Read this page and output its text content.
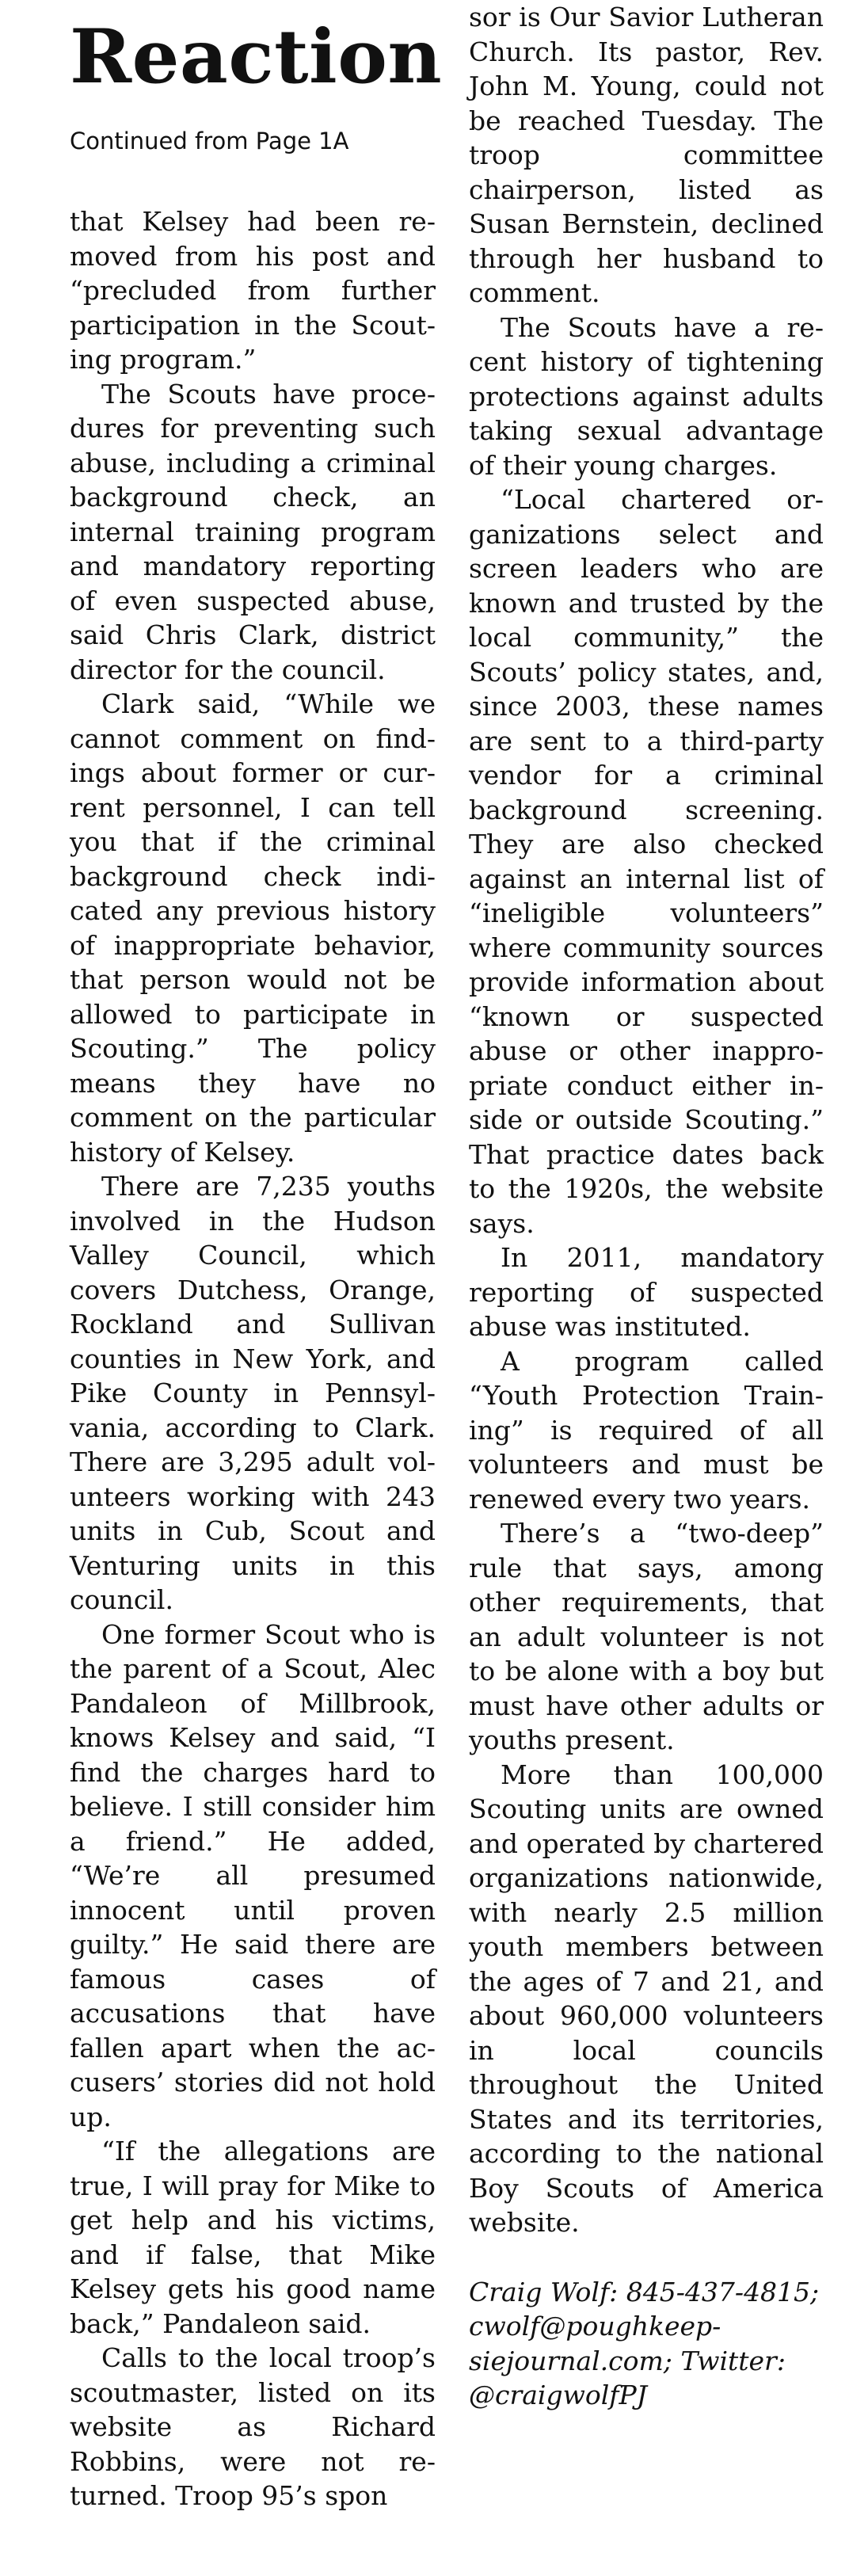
Reaction
Continued from Page 1A

that Kelsey had been removed from his post and “precluded from further participation in the Scouting program.”

The Scouts have procedures for preventing such abuse, including a criminal background check, an internal training program and mandatory reporting of even suspected abuse, said Chris Clark, district director for the council.

Clark said, “While we cannot comment on findings about former or current personnel, I can tell you that if the criminal background check indicated any previous history of inappropriate behavior, that person would not be allowed to participate in Scouting.” The policy means they have no comment on the particular history of Kelsey.

There are 7,235 youths involved in the Hudson Valley Council, which covers Dutchess, Orange, Rockland and Sullivan counties in New York, and Pike County in Pennsylvania, according to Clark. There are 3,295 adult volunteers working with 243 units in Cub, Scout and Venturing units in this council.

One former Scout who is the parent of a Scout, Alec Pandaleon of Millbrook, knows Kelsey and said, “I find the charges hard to believe. I still consider him a friend.” He added, “We’re all presumed innocent until proven guilty.” He said there are famous cases of accusations that have fallen apart when the accusers’ stories did not hold up.

“If the allegations are true, I will pray for Mike to get help and his victims, and if false, that Mike Kelsey gets his good name back,” Pandaleon said.

Calls to the local troop’s scoutmaster, listed on its website as Richard Robbins, were not returned. Troop 95’s spon

sor is Our Savior Lutheran Church. Its pastor, Rev. John M. Young, could not be reached Tuesday. The troop committee chairperson, listed as Susan Bernstein, declined through her husband to comment.

The Scouts have a recent history of tightening protections against adults taking sexual advantage of their young charges.

“Local chartered organizations select and screen leaders who are known and trusted by the local community,” the Scouts’ policy states, and, since 2003, these names are sent to a third-party vendor for a criminal background screening. They are also checked against an internal list of “ineligible volunteers” where community sources provide information about “known or suspected abuse or other inappropriate conduct either inside or outside Scouting.” That practice dates back to the 1920s, the website says.

In 2011, mandatory reporting of suspected abuse was instituted.

A program called “Youth Protection Training” is required of all volunteers and must be renewed every two years.

There’s a “two-deep” rule that says, among other requirements, that an adult volunteer is not to be alone with a boy but must have other adults or youths present.

More than 100,000 Scouting units are owned and operated by chartered organizations nationwide, with nearly 2.5 million youth members between the ages of 7 and 21, and about 960,000 volunteers in local councils throughout the United States and its territories, according to the national Boy Scouts of America website.

Craig Wolf: 845-437-4815; cwolf@poughkeepsiejournal.com; Twitter: @craigwolfPJ
